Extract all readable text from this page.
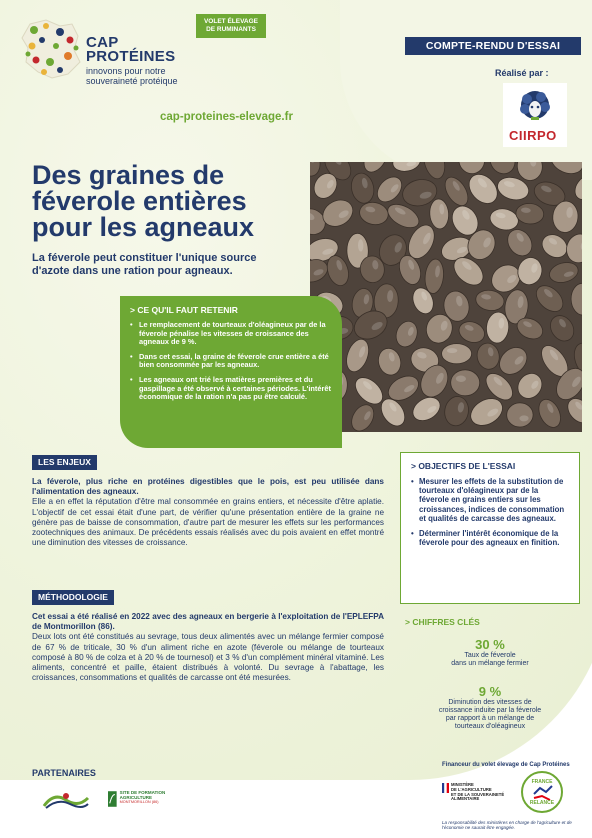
CAP
PROTÉINES
innovons pour notre
souveraineté protéique
VOLET ÉLEVAGE
DE RUMINANTS
COMPTE-RENDU D'ESSAI
Réalisé par :
CIIRPO
cap-proteines-elevage.fr
Des graines de
féverole entières
pour les agneaux
La féverole peut constituer l'unique source
d'azote dans une ration pour agneaux.
> CE QU'IL FAUT RETENIR
• Le remplacement de tourteaux d'oléagineux par de la féverole pénalise les vitesses de croissance des agneaux de 9 %.
• Dans cet essai, la graine de féverole crue entière a été bien consommée par les agneaux.
• Les agneaux ont trié les matières premières et du gaspillage a été observé à certaines périodes. L'intérêt économique de la ration n'a pas pu être calculé.
LES ENJEUX

La féverole, plus riche en protéines digestibles que le pois, est peu utilisée dans l'alimentation des agneaux.

Elle a en effet la réputation d'être mal consommée en grains entiers, et nécessite d'être aplatie. L'objectif de cet essai était d'une part, de vérifier qu'une présentation entière de la graine ne génère pas de baisse de consommation, d'autre part de mesurer les effets sur les performances zootechniques des animaux. De précédents essais réalisés avec du pois avaient en effet montré une diminution des vitesses de croissance.

MÉTHODOLOGIE

Cet essai a été réalisé en 2022 avec des agneaux en bergerie à l'exploitation de l'EPLEFPA de Montmorillon (86).

Deux lots ont été constitués au sevrage, tous deux alimentés avec un mélange fermier composé de 67 % de triticale, 30 % d'un aliment riche en azote (féverole ou mélange de tourteaux composé à 80 % de colza et à 20 % de tournesol) et 3 % d'un complément minéral vitaminé. Les aliments, concentré et paille, étaient distribués à volonté. Du sevrage à l'abattage, les croissances, consommations et qualités de carcasse ont été mesurées.

> OBJECTIFS DE L'ESSAI
• Mesurer les effets de la substitution de tourteaux d'oléagineux par de la féverole en grains entiers sur les croissances, indices de consommation et qualités de carcasse des agneaux.
• Déterminer l'intérêt économique de la féverole pour des agneaux en finition.
> CHIFFRES CLÉS
30 %
Taux de féverole
dans un mélange fermier
9 %
Diminution des vitesses de
croissance induite par la féverole
par rapport à un mélange de
tourteaux d'oléagineux
PARTENAIRES
SITE DE FORMATION AGRICULTURE
MONTMORILLON (86)
Financeur du volet élevage de Cap Protéines
MINISTÈRE
DE L'AGRICULTURE
ET DE LA SOUVERAINETÉ
ALIMENTAIRE
FRANCE
RELANCE
La responsabilité des ministères en charge de l'agriculture et de l'économie ne saurait être engagée.
